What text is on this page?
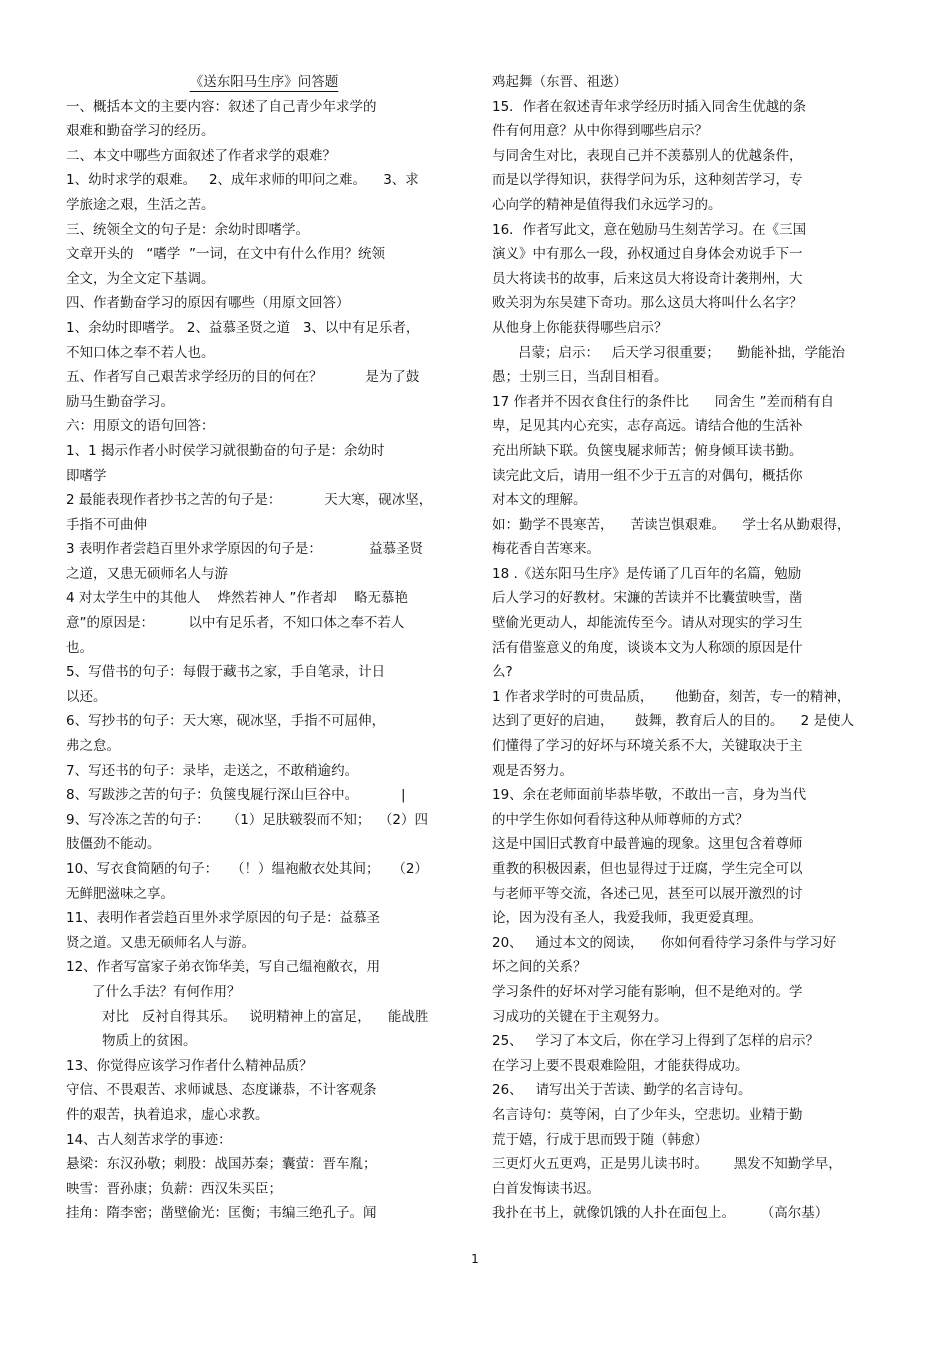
《送东阳马生序》问答题

一、概括本文的主要内容：叙述了自己青少年求学的

艰难和勤奋学习的经历。

二、本文中哪些方面叙述了作者求学的艰难？

1、幼时求学的艰难。   2、成年求师的叩问之难。    3、求

学旅途之艰，生活之苦。

三、统领全文的句子是：余幼时即嗜学。

文章开头的   “嗜学  ”一词，在文中有什么作用？统领

全文，为全文定下基调。

四、作者勤奋学习的原因有哪些（用原文回答）

1、余幼时即嗜学。 2、益慕圣贤之道   3、以中有足乐者，

不知口体之奉不若人也。

五、作者写自己艰苦求学经历的目的何在？          是为了鼓

励马生勤奋学习。

六：用原文的语句回答：

1、1 揭示作者小时侯学习就很勤奋的句子是：余幼时

即嗜学

2 最能表现作者抄书之苦的句子是：          天大寒，砚冰坚，

手指不可曲伸

3 表明作者尝趋百里外求学原因的句子是：           益慕圣贤

之道，又患无硕师名人与游

4 对太学生中的其他人    烨然若神人 ”作者却    略无慕艳

意”的原因是：        以中有足乐者，不知口体之奉不若人

也。

5、写借书的句子：每假于藏书之家，手自笔录，计日

以还。

6、写抄书的句子：天大寒，砚冰坚，手指不可屈伸，

弗之怠。

7、写还书的句子：录毕，走送之，不敢稍逾约。

8、写跋涉之苦的句子：负箧曳屣行深山巨谷中。          |

9、写冷冻之苦的句子：    （1）足肤皲裂而不知；  （2）四

肢僵劲不能动。

10、写衣食简陋的句子：   （！）缊袍敝衣处其间；   （2）

无鲜肥滋味之享。

11、表明作者尝趋百里外求学原因的句子是：益慕圣

贤之道。又患无硕师名人与游。

12、作者写富家子弟衣饰华美，写自己缊袍敝衣，用

了什么手法？有何作用？

对比   反衬自得其乐。   说明精神上的富足，    能战胜

物质上的贫困。

13、你觉得应该学习作者什么精神品质？

守信、不畏艰苦、求师诚恳、态度谦恭，不计客观条

件的艰苦，执着追求，虚心求教。

14、古人刻苦求学的事迹：

悬梁：东汉孙敬；刺股：战国苏秦；囊萤：晋车胤；

映雪：晋孙康；负薪：西汉朱买臣；

挂角：隋李密；凿壁偷光：匡衡；韦编三绝孔子。闻

鸡起舞（东晋、祖逖）

15．作者在叙述青年求学经历时插入同舍生优越的条

件有何用意？从中你得到哪些启示？

与同舍生对比，表现自己并不羡慕别人的优越条件，

而是以学得知识，获得学问为乐，这种刻苦学习，专

心向学的精神是值得我们永远学习的。

16．作者写此文，意在勉励马生刻苦学习。在《三国

演义》中有那么一段，孙权通过自身体会劝说手下一

员大将读书的故事，后来这员大将设奇计袭荆州，大

败关羽为东吴建下奇功。那么这员大将叫什么名字？

从他身上你能获得哪些启示？

吕蒙；启示：   后天学习很重要；    勤能补拙，学能治

愚；士别三日，当刮目相看。

17 作者并不因衣食住行的条件比      同舍生 ”差而稍有自

卑，足见其内心充实，志存高远。请结合他的生活补

充出所缺下联。负箧曳屣求师苦；俯身倾耳读书勤。

读完此文后，请用一组不少于五言的对偶句，概括你

对本文的理解。

如：勤学不畏寒苦，    苦读岂惧艰难。    学士名从勤艰得，

梅花香自苦寒来。

18 .《送东阳马生序》是传诵了几百年的名篇，勉励

后人学习的好教材。宋濂的苦读并不比囊萤映雪，凿

壁偷光更动人，却能流传至今。请从对现实的学习生

活有借鉴意义的角度，谈谈本文为人称颂的原因是什

么?

1 作者求学时的可贵品质，     他勤奋，刻苦，专一的精神，

达到了更好的启迪，     鼓舞，教育后人的目的。    2 是使人

们懂得了学习的好坏与环境关系不大，关键取决于主

观是否努力。

19、余在老师面前毕恭毕敬，不敢出一言，身为当代

的中学生你如何看待这种从师尊师的方式？

这是中国旧式教育中最普遍的现象。这里包含着尊师

重教的积极因素，但也显得过于迂腐，学生完全可以

与老师平等交流，各述己见，甚至可以展开激烈的讨

论，因为没有圣人，我爱我师，我更爱真理。

20、   通过本文的阅读，    你如何看待学习条件与学习好

坏之间的关系？

学习条件的好坏对学习能有影响，但不是绝对的。学

习成功的关键在于主观努力。

25、   学习了本文后，你在学习上得到了怎样的启示？

在学习上要不畏艰难险阻，才能获得成功。

26、   请写出关于苦读、勤学的名言诗句。

名言诗句：莫等闲，白了少年头，空悲切。业精于勤

荒于嬉，行成于思而毁于随（韩愈）

三更灯火五更鸡，正是男儿读书时。      黑发不知勤学早，

白首发悔读书迟。

我扑在书上，就像饥饿的人扑在面包上。      （高尔基）

1
